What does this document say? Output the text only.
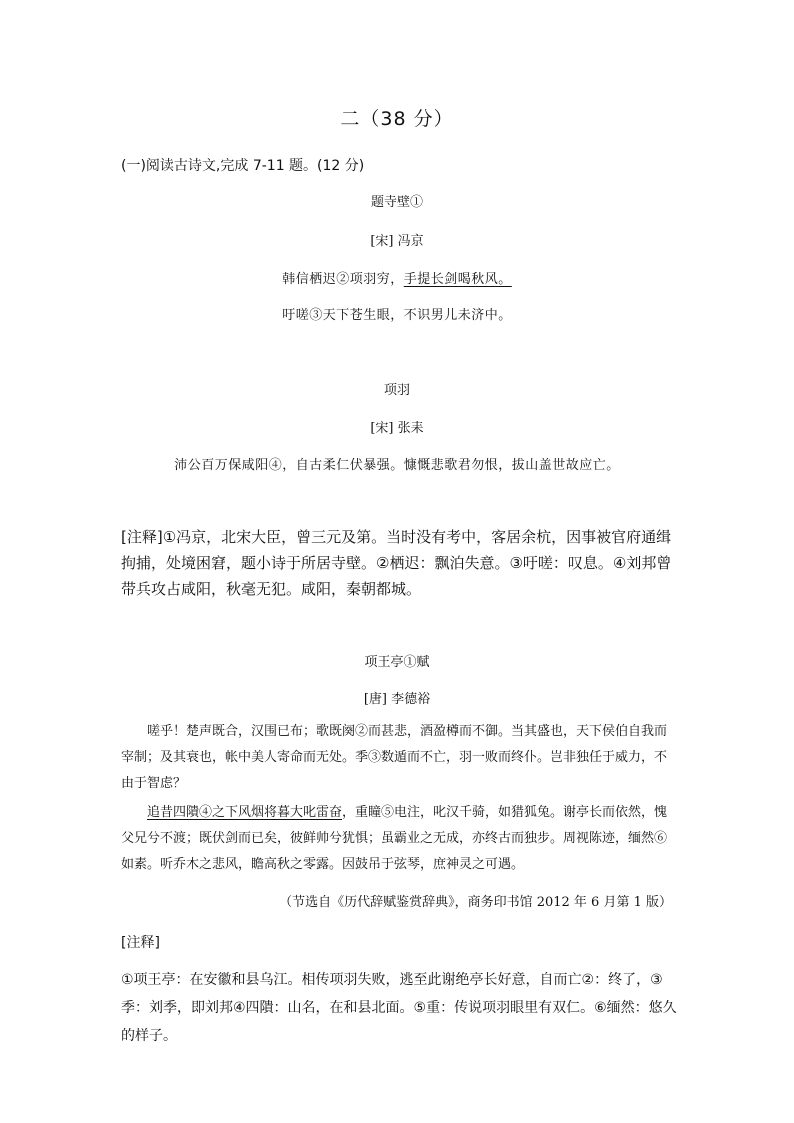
二（38 分）
(一)阅读古诗文,完成 7-11 题。(12 分)
题寺壁①
[宋] 冯京
韩信栖迟②项羽穷，手提长剑喝秋风。
吁嗟③天下苍生眼，不识男儿未济中。
项羽
[宋] 张耒
沛公百万保咸阳④，自古柔仁伏暴强。慷慨悲歌君勿恨，拔山盖世故应亡。
[注释]①冯京，北宋大臣，曾三元及第。当时没有考中，客居余杭，因事被官府通缉拘捕，处境困窘，题小诗于所居寺壁。②栖迟：飘泊失意。③吁嗟：叹息。④刘邦曾带兵攻占咸阳，秋毫无犯。咸阳，秦朝都城。
项王亭①赋
[唐] 李德裕

嗟乎！楚声既合，汉围已布；歌既阕②而甚悲，酒盈樽而不御。当其盛也，天下侯伯自我而宰制；及其衰也，帐中美人寄命而无处。季③数遁而不亡，羽一败而终仆。岂非独任于威力，不由于智虑？

追昔四隤④之下风烟将暮大叱雷奋，重瞳⑤电注，叱汉千骑，如猎狐兔。谢亭长而依然，愧父兄兮不渡；既伏剑而已矣，彼鲜帅兮犹惧；虽霸业之无成，亦终古而独步。周视陈迹，缅然⑥如素。听乔木之悲风，瞻高秋之零露。因鼓吊于弦琴，庶神灵之可遇。

（节选自《历代辞赋鉴赏辞典》，商务印书馆 2012 年 6 月第 1 版）
[注释]
①项王亭：在安徽和县乌江。相传项羽失败，逃至此谢绝亭长好意，自而亡②：终了，③季：刘季，即刘邦④四隤：山名，在和县北面。⑤重：传说项羽眼里有双仁。⑥缅然：悠久的样子。
